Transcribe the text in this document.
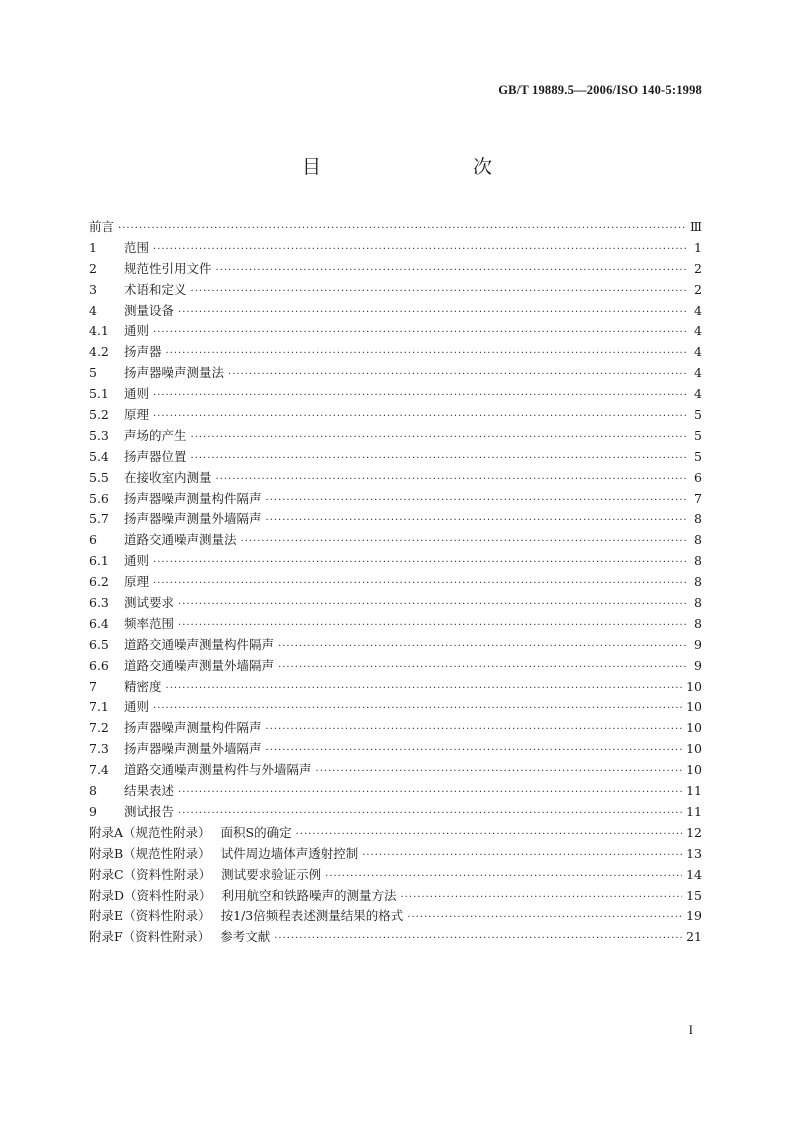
GB/T 19889.5—2006/ISO 140-5:1998
目　　次
前言 ·····	Ⅲ
1	范围 ·····	1
2	规范性引用文件 ·····	2
3	术语和定义 ·····	2
4	测量设备 ·····	4
4.1	通则 ·····	4
4.2	扬声器 ·····	4
5	扬声器噪声测量法 ·····	4
5.1	通则 ·····	4
5.2	原理 ·····	5
5.3	声场的产生 ·····	5
5.4	扬声器位置 ·····	5
5.5	在接收室内测量 ·····	6
5.6	扬声器噪声测量构件隔声 ·····	7
5.7	扬声器噪声测量外墙隔声 ·····	8
6	道路交通噪声测量法 ·····	8
6.1	通则 ·····	8
6.2	原理 ·····	8
6.3	测试要求 ·····	8
6.4	频率范围 ·····	8
6.5	道路交通噪声测量构件隔声 ·····	9
6.6	道路交通噪声测量外墙隔声 ·····	9
7	精密度 ·····	10
7.1	通则 ·····	10
7.2	扬声器噪声测量构件隔声 ·····	10
7.3	扬声器噪声测量外墙隔声 ·····	10
7.4	道路交通噪声测量构件与外墙隔声 ·····	10
8	结果表述 ·····	11
9	测试报告 ·····	11
附录A（规范性附录） 面积S的确定 ·····	12
附录B（规范性附录） 试件周边墙体声透射控制 ·····	13
附录C（资料性附录） 测试要求验证示例 ·····	14
附录D（资料性附录） 利用航空和铁路噪声的测量方法 ·····	15
附录E（资料性附录） 按1/3倍频程表述测量结果的格式 ·····	19
附录F（资料性附录） 参考文献 ·····	21
I
